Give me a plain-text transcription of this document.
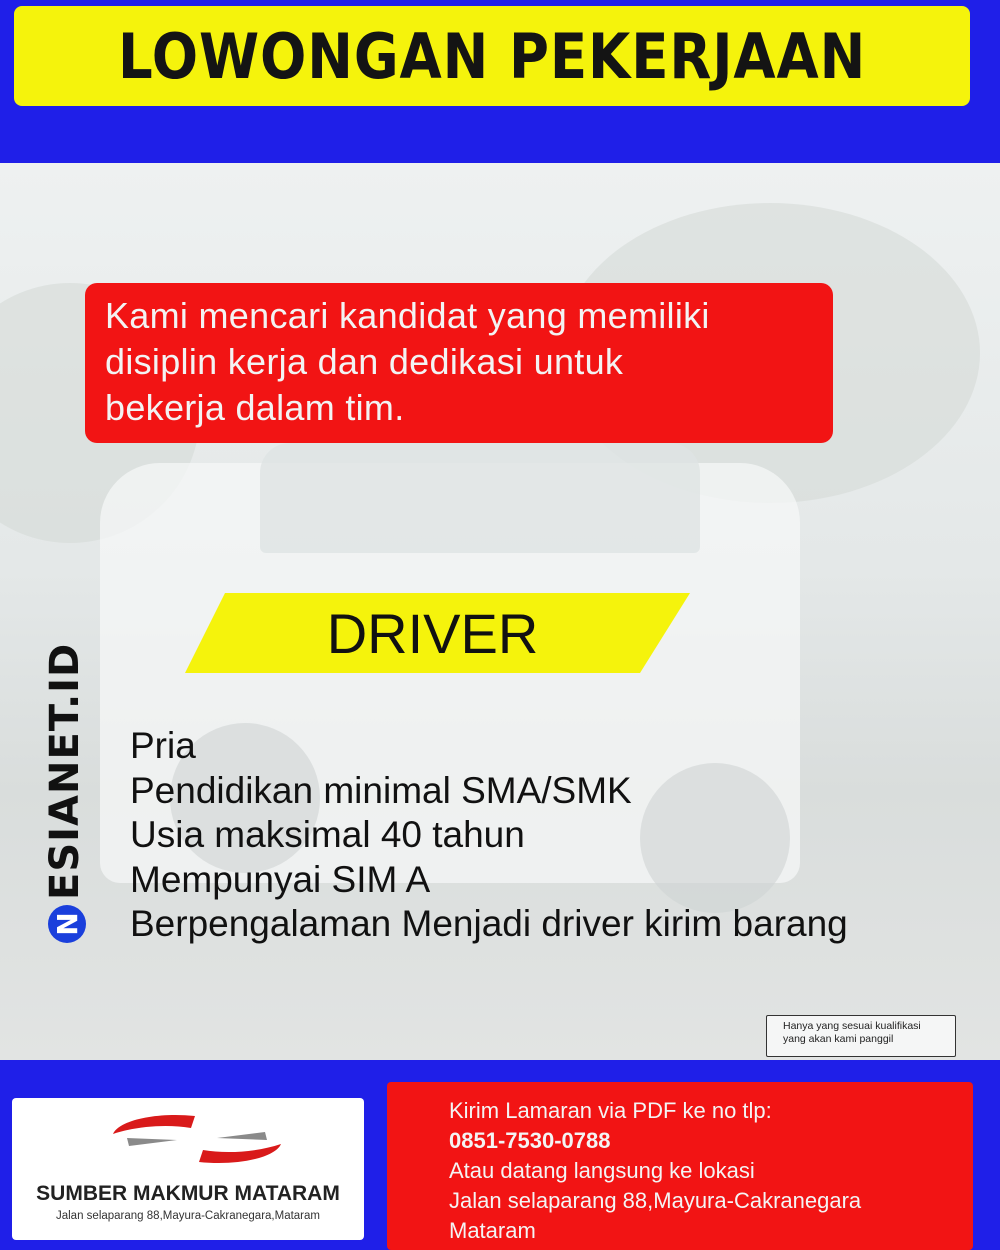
LOWONGAN PEKERJAAN

Kami mencari kandidat yang memiliki

disiplin kerja dan dedikasi untuk

bekerja dalam tim.

DRIVER
Pria
Pendidikan minimal SMA/SMK
Usia maksimal 40 tahun
Mempunyai SIM A
Berpengalaman Menjadi driver kirim barang
ESIANET.ID
N
Hanya yang sesuai kualifikasi
yang akan kami panggil
SUMBER MAKMUR MATARAM
Jalan selaparang 88,Mayura-Cakranegara,Mataram
Kirim Lamaran via PDF ke no tlp:
0851-7530-0788
Atau datang langsung ke lokasi
Jalan selaparang 88,Mayura-Cakranegara
Mataram
